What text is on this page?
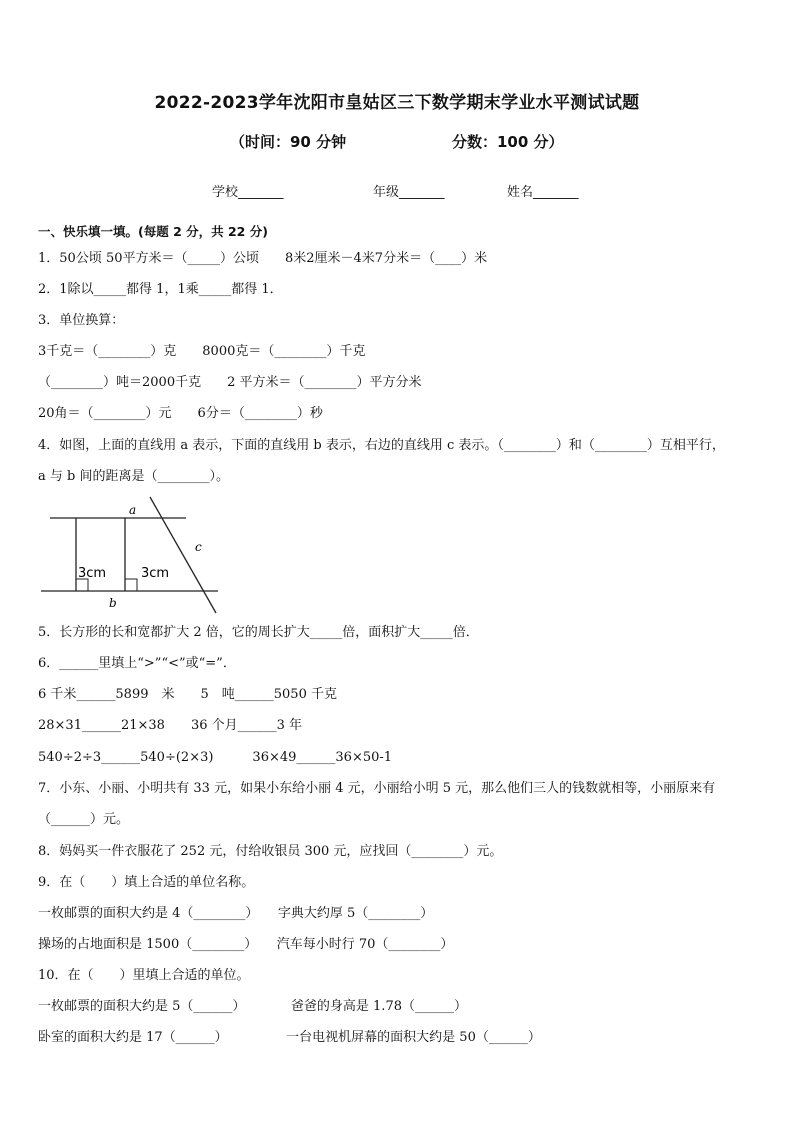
2022-2023学年沈阳市皇姑区三下数学期末学业水平测试试题
（时间：90 分钟	分数：100 分）
学校_______	年级_______	姓名_______
一、快乐填一填。(每题 2 分，共 22 分)
1．50公顷 50平方米＝（_____）公顷　　8米2厘米－4米7分米＝（____）米
2．1除以_____都得 1，1乘_____都得 1．
3．单位换算：
3千克＝（________）克　　8000克＝（________）千克
（________）吨＝2000千克　　2 平方米＝（________）平方分米
20角＝（________）元　　6分＝（________）秒
4．如图，上面的直线用 a 表示，下面的直线用 b 表示，右边的直线用 c 表示。（________）和（________）互相平行，
a 与 b 间的距离是（________）。
a
b
c
3cm	3cm
5．长方形的长和宽都扩大 2 倍，它的周长扩大_____倍，面积扩大_____倍．
6．______里填上“>”“<”或“=”．
6 千米______5899　米　　5　吨______5050 千克
28×31______21×38　　36 个月______3 年
540÷2÷3______540÷(2×3)　　　36×49______36×50-1
7．小东、小丽、小明共有 33 元，如果小东给小丽 4 元，小丽给小明 5 元，那么他们三人的钱数就相等，小丽原来有
（______）元。
8．妈妈买一件衣服花了 252 元，付给收银员 300 元，应找回（________）元。
9．在（　　）填上合适的单位名称。
一枚邮票的面积大约是 4（________）　　字典大约厚 5（________）
操场的占地面积是 1500（________）　　汽车每小时行 70（________）
10．在（　　）里填上合适的单位。
一枚邮票的面积大约是 5（______）　　　　爸爸的身高是 1.78（______）
卧室的面积大约是 17（______）　　　　　一台电视机屏幕的面积大约是 50（______）
